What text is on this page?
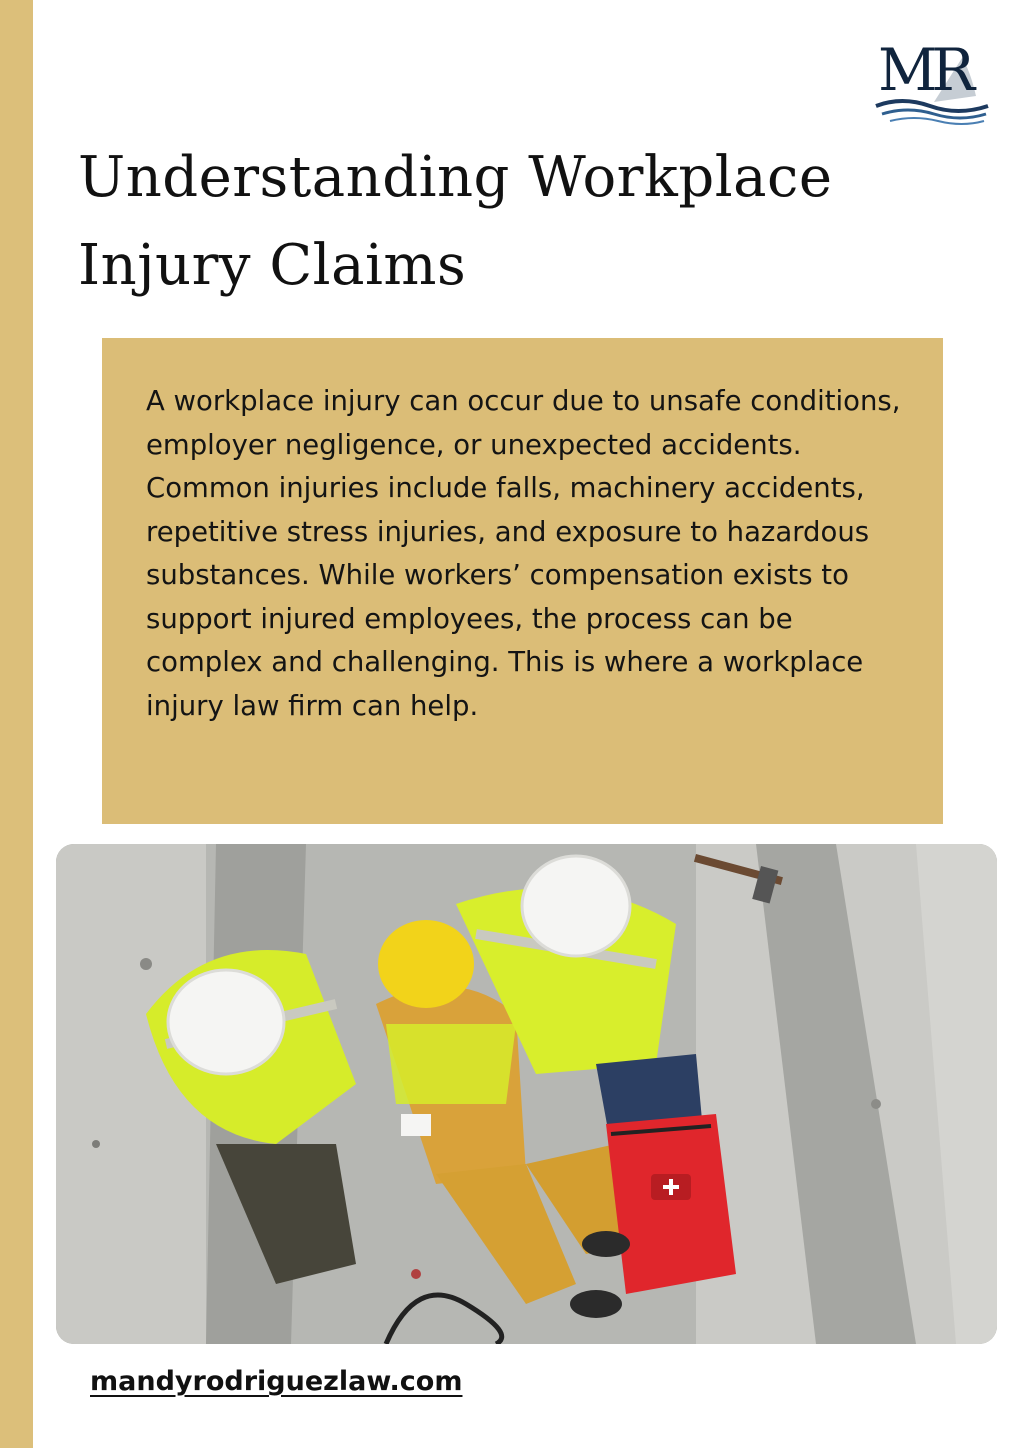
MR
Understanding Workplace Injury Claims

A workplace injury can occur due to unsafe conditions, employer negligence, or unexpected accidents. Common injuries include falls, machinery accidents, repetitive stress injuries, and exposure to hazardous substances. While workers’ compensation exists to support injured employees, the process can be complex and challenging. This is where a workplace injury law firm can help.

mandyrodriguezlaw.com
